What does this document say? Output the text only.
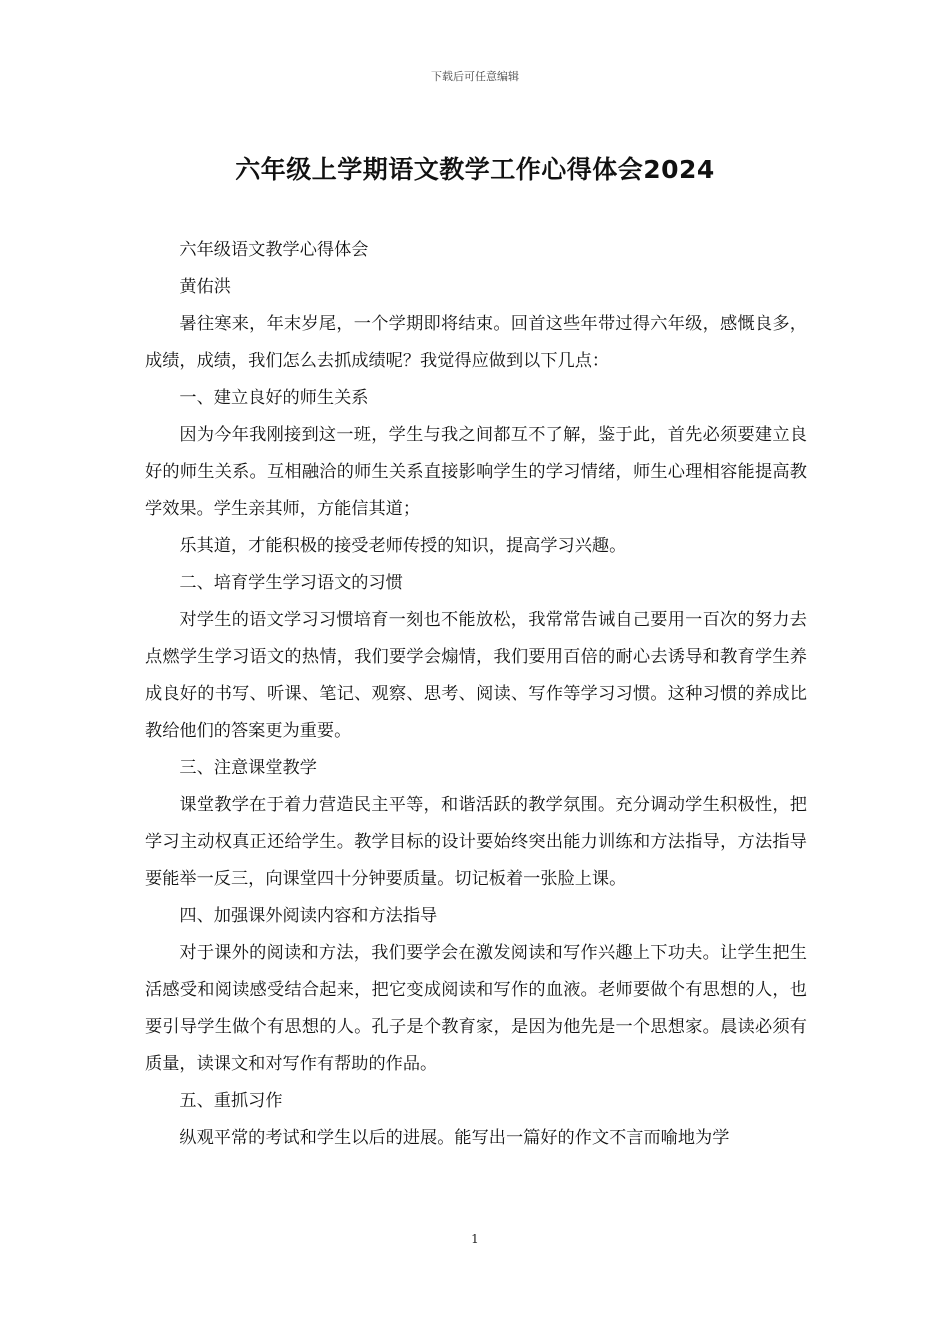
下载后可任意编辑
六年级上学期语文教学工作心得体会2024

六年级语文教学心得体会

黄佑洪

暑往寒来，年末岁尾，一个学期即将结束。回首这些年带过得六年级，感慨良多，成绩，成绩，我们怎么去抓成绩呢？我觉得应做到以下几点：

一、建立良好的师生关系

因为今年我刚接到这一班，学生与我之间都互不了解，鉴于此，首先必须要建立良好的师生关系。互相融洽的师生关系直接影响学生的学习情绪，师生心理相容能提高教学效果。学生亲其师，方能信其道；

乐其道，才能积极的接受老师传授的知识，提高学习兴趣。

二、培育学生学习语文的习惯

对学生的语文学习习惯培育一刻也不能放松，我常常告诫自己要用一百次的努力去点燃学生学习语文的热情，我们要学会煽情，我们要用百倍的耐心去诱导和教育学生养成良好的书写、听课、笔记、观察、思考、阅读、写作等学习习惯。这种习惯的养成比教给他们的答案更为重要。

三、注意课堂教学

课堂教学在于着力营造民主平等，和谐活跃的教学氛围。充分调动学生积极性，把学习主动权真正还给学生。教学目标的设计要始终突出能力训练和方法指导，方法指导要能举一反三，向课堂四十分钟要质量。切记板着一张脸上课。

四、加强课外阅读内容和方法指导

对于课外的阅读和方法，我们要学会在激发阅读和写作兴趣上下功夫。让学生把生活感受和阅读感受结合起来，把它变成阅读和写作的血液。老师要做个有思想的人，也要引导学生做个有思想的人。孔子是个教育家，是因为他先是一个思想家。晨读必须有质量，读课文和对写作有帮助的作品。

五、重抓习作

纵观平常的考试和学生以后的进展。能写出一篇好的作文不言而喻地为学

1
